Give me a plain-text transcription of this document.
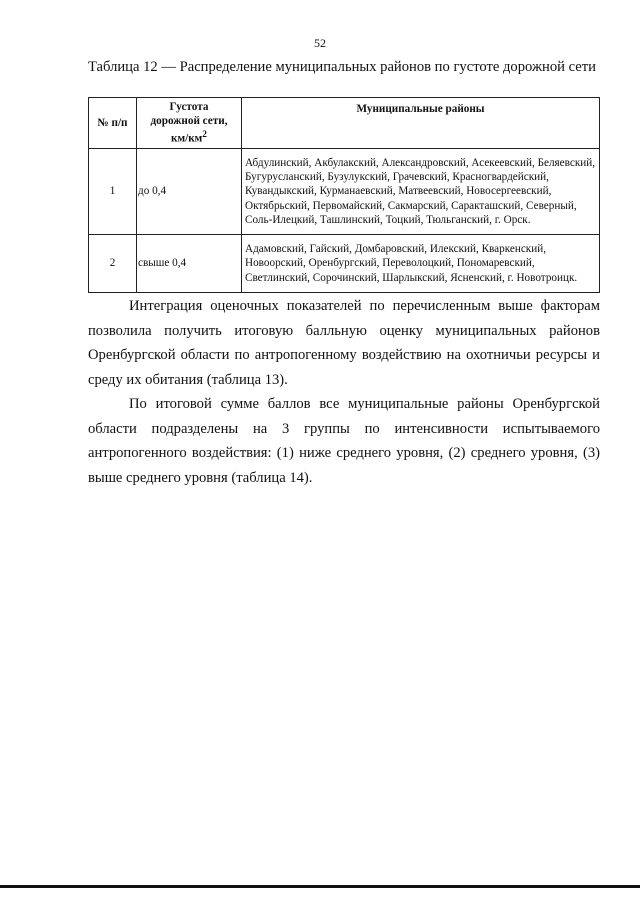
52
Таблица 12 — Распределение муниципальных районов по густоте дорожной сети
№ п/п	Густота
дорожной сети,
$км/км^2$	Муниципальные районы
1	до 0,4	Абдулинский, Акбулакский, Александровский, Асекеевский, Беляевский, Бугурусланский, Бузулукский, Грачевский, Красногвардейский, Кувандыкский, Курманаевский, Матвеевский, Новосергеевский, Октябрьский, Первомайский, Сакмарский, Саракташский, Северный, Соль-Илецкий, Ташлинский, Тоцкий, Тюльганский, г. Орск.
2	свыше 0,4	Адамовский, Гайский, Домбаровский, Илекский, Кваркенский, Новоорский, Оренбургский, Переволоцкий, Пономаревский, Светлинский, Сорочинский, Шарлыкский, Ясненский, г. Новотроицк.
Интеграция оценочных показателей по перечисленным выше факторам позволила получить итоговую балльную оценку муниципальных районов Оренбургской области по антропогенному воздействию на охотничьи ресурсы и среду их обитания (таблица 13).
По итоговой сумме баллов все муниципальные районы Оренбургской области подразделены на 3 группы по интенсивности испытываемого антропогенного воздействия: (1) ниже среднего уровня, (2) среднего уровня, (3) выше среднего уровня (таблица 14).
